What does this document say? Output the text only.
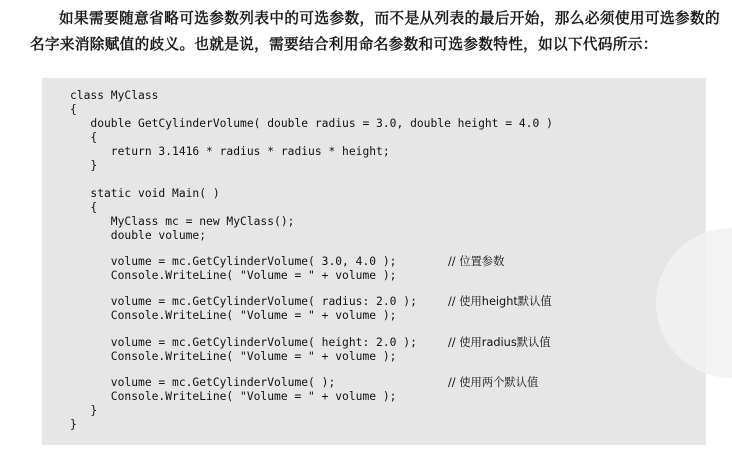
如果需要随意省略可选参数列表中的可选参数，而不是从列表的最后开始，那么必须使用可选参数的名字来消除赋值的歧义。也就是说，需要结合利用命名参数和可选参数特性，如以下代码所示：

class MyClass
{
double GetCylinderVolume( double radius = 3.0, double height = 4.0 )
{
return 3.1416 * radius * radius * height;
}
static void Main( )
{
MyClass mc = new MyClass();
double volume;
volume = mc.GetCylinderVolume( 3.0, 4.0 );
Console.WriteLine( "Volume = " + volume );
volume = mc.GetCylinderVolume( radius: 2.0 );
Console.WriteLine( "Volume = " + volume );
volume = mc.GetCylinderVolume( height: 2.0 );
Console.WriteLine( "Volume = " + volume );
volume = mc.GetCylinderVolume( );
Console.WriteLine( "Volume = " + volume );
}
}
// 位置参数
// 使用height默认值
// 使用radius默认值
// 使用两个默认值
